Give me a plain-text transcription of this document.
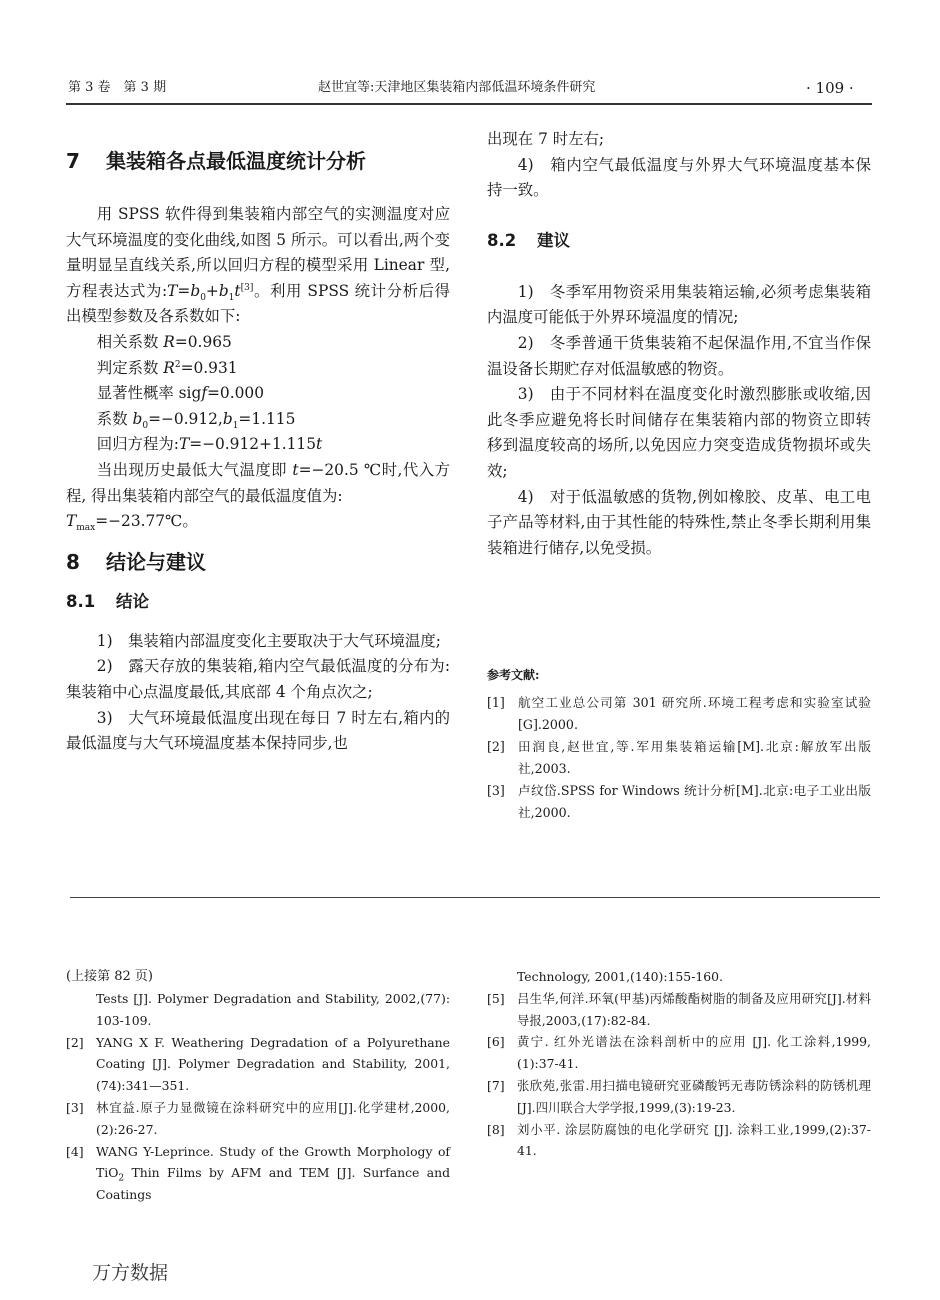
第 3 卷　第 3 期	赵世宜等:天津地区集装箱内部低温环境条件研究	· 109 ·

7 集装箱各点最低温度统计分析

用 SPSS 软件得到集装箱内部空气的实测温度对应大气环境温度的变化曲线,如图 5 所示。可以看出,两个变量明显呈直线关系,所以回归方程的模型采用 Linear 型,方程表达式为$:T=b_0+b_1t[3]$。利用 SPSS 统计分析后得出模型参数及各系数如下:

相关系数 R=0.965

判定系数 $R^2=0.931$

显著性概率 sigf=0.000

系数 $b_0=-0.912,b_1=1.115$

回归方程为:T=−0.912+1.115t

当出现历史最低大气温度即 t=−20.5 ℃时,代入方程, 得出集装箱内部空气的最低温度值为:

$T_{max}=-23.77℃$。

8 结论与建议

8.1 结论

1)　集装箱内部温度变化主要取决于大气环境温度;

2)　露天存放的集装箱,箱内空气最低温度的分布为:集装箱中心点温度最低,其底部 4 个角点次之;

3)　大气环境最低温度出现在每日 7 时左右,箱内的最低温度与大气环境温度基本保持同步,也

出现在 7 时左右;

4)　箱内空气最低温度与外界大气环境温度基本保持一致。

8.2 建议

1)　冬季军用物资采用集装箱运输,必须考虑集装箱内温度可能低于外界环境温度的情况;

2)　冬季普通干货集装箱不起保温作用,不宜当作保温设备长期贮存对低温敏感的物资。

3)　由于不同材料在温度变化时激烈膨胀或收缩,因此冬季应避免将长时间储存在集装箱内部的物资立即转移到温度较高的场所,以免因应力突变造成货物损坏或失效;

4)　对于低温敏感的货物,例如橡胶、皮革、电工电子产品等材料,由于其性能的特殊性,禁止冬季长期利用集装箱进行储存,以免受损。

参考文献:

[1] 航空工业总公司第 301 研究所.环境工程考虑和实验室试验[G].2000.

[2] 田润良,赵世宜,等.军用集装箱运输[M].北京:解放军出版社,2003.

[3] 卢纹岱.SPSS for Windows 统计分析[M].北京:电子工业出版社,2000.

(上接第 82 页)

Tests [J]. Polymer Degradation and Stability, 2002,(77): 103-109.

[2] YANG X F. Weathering Degradation of a Polyurethane Coating [J]. Polymer Degradation and Stability, 2001,(74):341—351.

[3] 林宜益.原子力显微镜在涂料研究中的应用[J].化学建材,2000,(2):26-27.

[4] WANG Y-Leprince. Study of the Growth Morphology of TiO$_2$ Thin Films by AFM and TEM [J]. Surfance and Coatings

Technology, 2001,(140):155-160.

[5] 吕生华,何洋.环氧(甲基)丙烯酸酯树脂的制备及应用研究[J].材料导报,2003,(17):82-84.

[6] 黄宁. 红外光谱法在涂料剖析中的应用 [J]. 化工涂料,1999,(1):37-41.

[7] 张欣苑,张雷.用扫描电镜研究亚磷酸钙无毒防锈涂料的防锈机理[J].四川联合大学学报,1999,(3):19-23.

[8] 刘小平. 涂层防腐蚀的电化学研究 [J]. 涂料工业,1999,(2):37-41.

万方数据
